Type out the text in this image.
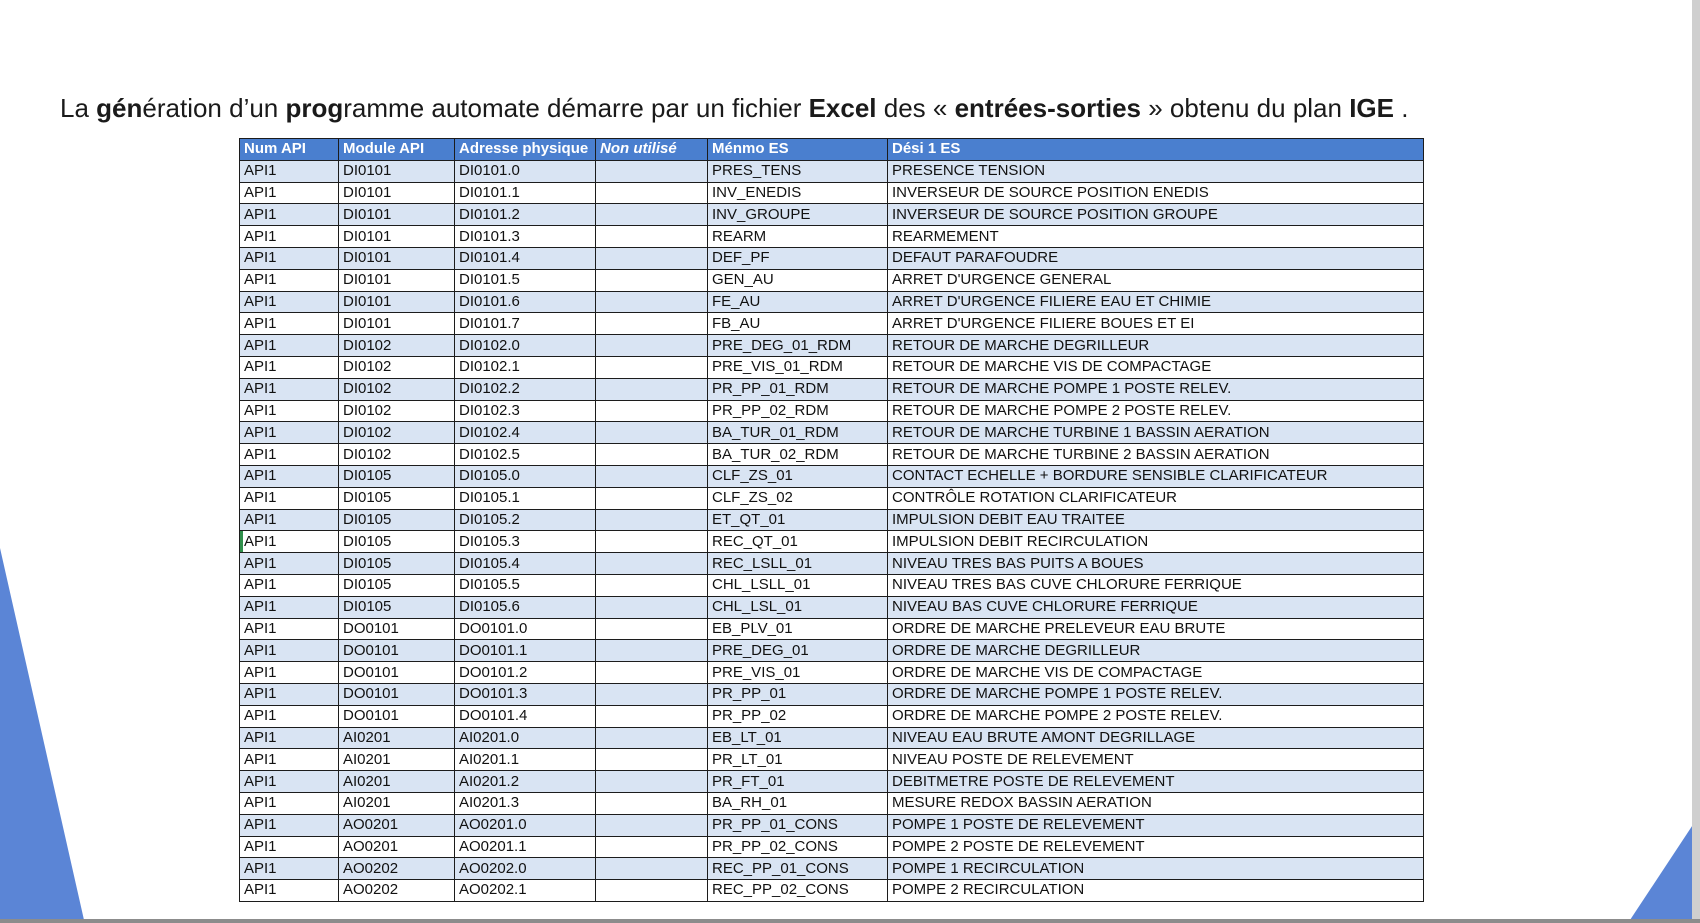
La génération d’un programme automate démarre par un fichier Excel des « entrées-sorties » obtenu du plan IGE .
Num API	Module API	Adresse physique	Non utilisé	Ménmo ES	Dési 1 ES
API1	DI0101	DI0101.0		PRES_TENS	PRESENCE TENSION
API1	DI0101	DI0101.1		INV_ENEDIS	INVERSEUR DE SOURCE POSITION ENEDIS
API1	DI0101	DI0101.2		INV_GROUPE	INVERSEUR DE SOURCE POSITION GROUPE
API1	DI0101	DI0101.3		REARM	REARMEMENT
API1	DI0101	DI0101.4		DEF_PF	DEFAUT PARAFOUDRE
API1	DI0101	DI0101.5		GEN_AU	ARRET D'URGENCE GENERAL
API1	DI0101	DI0101.6		FE_AU	ARRET D'URGENCE FILIERE EAU ET CHIMIE
API1	DI0101	DI0101.7		FB_AU	ARRET D'URGENCE FILIERE BOUES ET EI
API1	DI0102	DI0102.0		PRE_DEG_01_RDM	RETOUR DE MARCHE DEGRILLEUR
API1	DI0102	DI0102.1		PRE_VIS_01_RDM	RETOUR DE MARCHE VIS DE COMPACTAGE
API1	DI0102	DI0102.2		PR_PP_01_RDM	RETOUR DE MARCHE POMPE 1 POSTE RELEV.
API1	DI0102	DI0102.3		PR_PP_02_RDM	RETOUR DE MARCHE POMPE 2 POSTE RELEV.
API1	DI0102	DI0102.4		BA_TUR_01_RDM	RETOUR DE MARCHE TURBINE 1 BASSIN AERATION
API1	DI0102	DI0102.5		BA_TUR_02_RDM	RETOUR DE MARCHE TURBINE 2 BASSIN AERATION
API1	DI0105	DI0105.0		CLF_ZS_01	CONTACT ECHELLE + BORDURE SENSIBLE CLARIFICATEUR
API1	DI0105	DI0105.1		CLF_ZS_02	CONTRÔLE ROTATION CLARIFICATEUR
API1	DI0105	DI0105.2		ET_QT_01	IMPULSION DEBIT EAU TRAITEE
API1	DI0105	DI0105.3		REC_QT_01	IMPULSION DEBIT RECIRCULATION
API1	DI0105	DI0105.4		REC_LSLL_01	NIVEAU TRES BAS PUITS A BOUES
API1	DI0105	DI0105.5		CHL_LSLL_01	NIVEAU TRES BAS CUVE CHLORURE FERRIQUE
API1	DI0105	DI0105.6		CHL_LSL_01	NIVEAU BAS CUVE CHLORURE FERRIQUE
API1	DO0101	DO0101.0		EB_PLV_01	ORDRE DE MARCHE PRELEVEUR EAU BRUTE
API1	DO0101	DO0101.1		PRE_DEG_01	ORDRE DE MARCHE DEGRILLEUR
API1	DO0101	DO0101.2		PRE_VIS_01	ORDRE DE MARCHE VIS DE COMPACTAGE
API1	DO0101	DO0101.3		PR_PP_01	ORDRE DE MARCHE POMPE 1 POSTE RELEV.
API1	DO0101	DO0101.4		PR_PP_02	ORDRE DE MARCHE POMPE 2 POSTE RELEV.
API1	AI0201	AI0201.0		EB_LT_01	NIVEAU EAU BRUTE AMONT DEGRILLAGE
API1	AI0201	AI0201.1		PR_LT_01	NIVEAU POSTE DE RELEVEMENT
API1	AI0201	AI0201.2		PR_FT_01	DEBITMETRE POSTE DE RELEVEMENT
API1	AI0201	AI0201.3		BA_RH_01	MESURE REDOX BASSIN AERATION
API1	AO0201	AO0201.0		PR_PP_01_CONS	POMPE 1 POSTE DE RELEVEMENT
API1	AO0201	AO0201.1		PR_PP_02_CONS	POMPE 2 POSTE DE RELEVEMENT
API1	AO0202	AO0202.0		REC_PP_01_CONS	POMPE 1 RECIRCULATION
API1	AO0202	AO0202.1		REC_PP_02_CONS	POMPE 2 RECIRCULATION
